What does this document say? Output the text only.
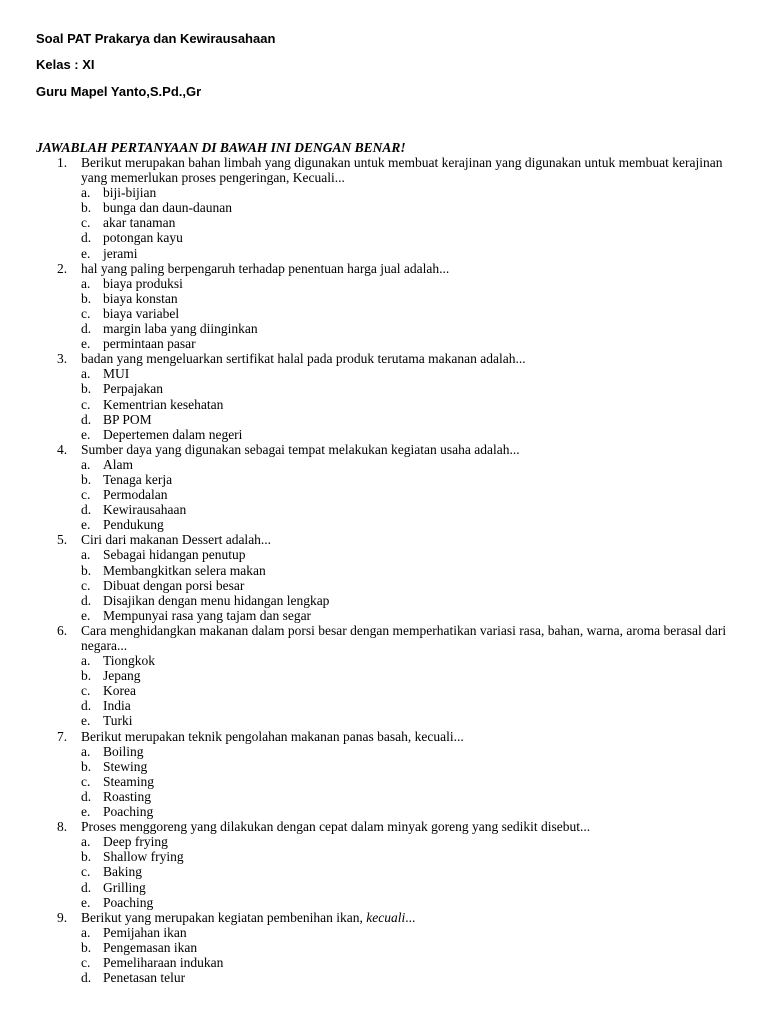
Soal PAT Prakarya dan Kewirausahaan
Kelas : XI
Guru Mapel Yanto,S.Pd.,Gr
JAWABLAH PERTANYAAN DI BAWAH INI DENGAN BENAR!
1.	Berikut merupakan bahan limbah yang digunakan untuk membuat kerajinan yang digunakan untuk membuat kerajinan yang memerlukan proses pengeringan, Kecuali...
a. biji-bijian
b. bunga dan daun-daunan
c. akar tanaman
d. potongan kayu
e. jerami
2.	hal yang paling berpengaruh terhadap penentuan harga jual adalah...
a. biaya produksi
b. biaya konstan
c. biaya variabel
d. margin laba yang diinginkan
e. permintaan pasar
3.	badan yang mengeluarkan sertifikat halal pada produk terutama makanan adalah...
a. MUI
b. Perpajakan
c. Kementrian kesehatan
d. BP POM
e. Depertemen dalam negeri
4.	Sumber daya yang digunakan sebagai tempat melakukan kegiatan usaha adalah...
a. Alam
b. Tenaga kerja
c. Permodalan
d. Kewirausahaan
e. Pendukung
5.	Ciri dari makanan Dessert adalah...
a. Sebagai hidangan penutup
b. Membangkitkan selera makan
c. Dibuat dengan porsi besar
d. Disajikan dengan menu hidangan lengkap
e. Mempunyai rasa yang tajam dan segar
6.	Cara menghidangkan makanan dalam porsi besar dengan memperhatikan variasi rasa, bahan, warna, aroma berasal dari negara...
a. Tiongkok
b. Jepang
c. Korea
d. India
e. Turki
7.	Berikut merupakan teknik pengolahan makanan panas basah, kecuali...
a. Boiling
b. Stewing
c. Steaming
d. Roasting
e. Poaching
8.	Proses menggoreng yang dilakukan dengan cepat dalam minyak goreng yang sedikit disebut...
a. Deep frying
b. Shallow frying
c. Baking
d. Grilling
e. Poaching
9.	Berikut yang merupakan kegiatan pembenihan ikan, kecuali...
a. Pemijahan ikan
b. Pengemasan ikan
c. Pemeliharaan indukan
d. Penetasan telur
